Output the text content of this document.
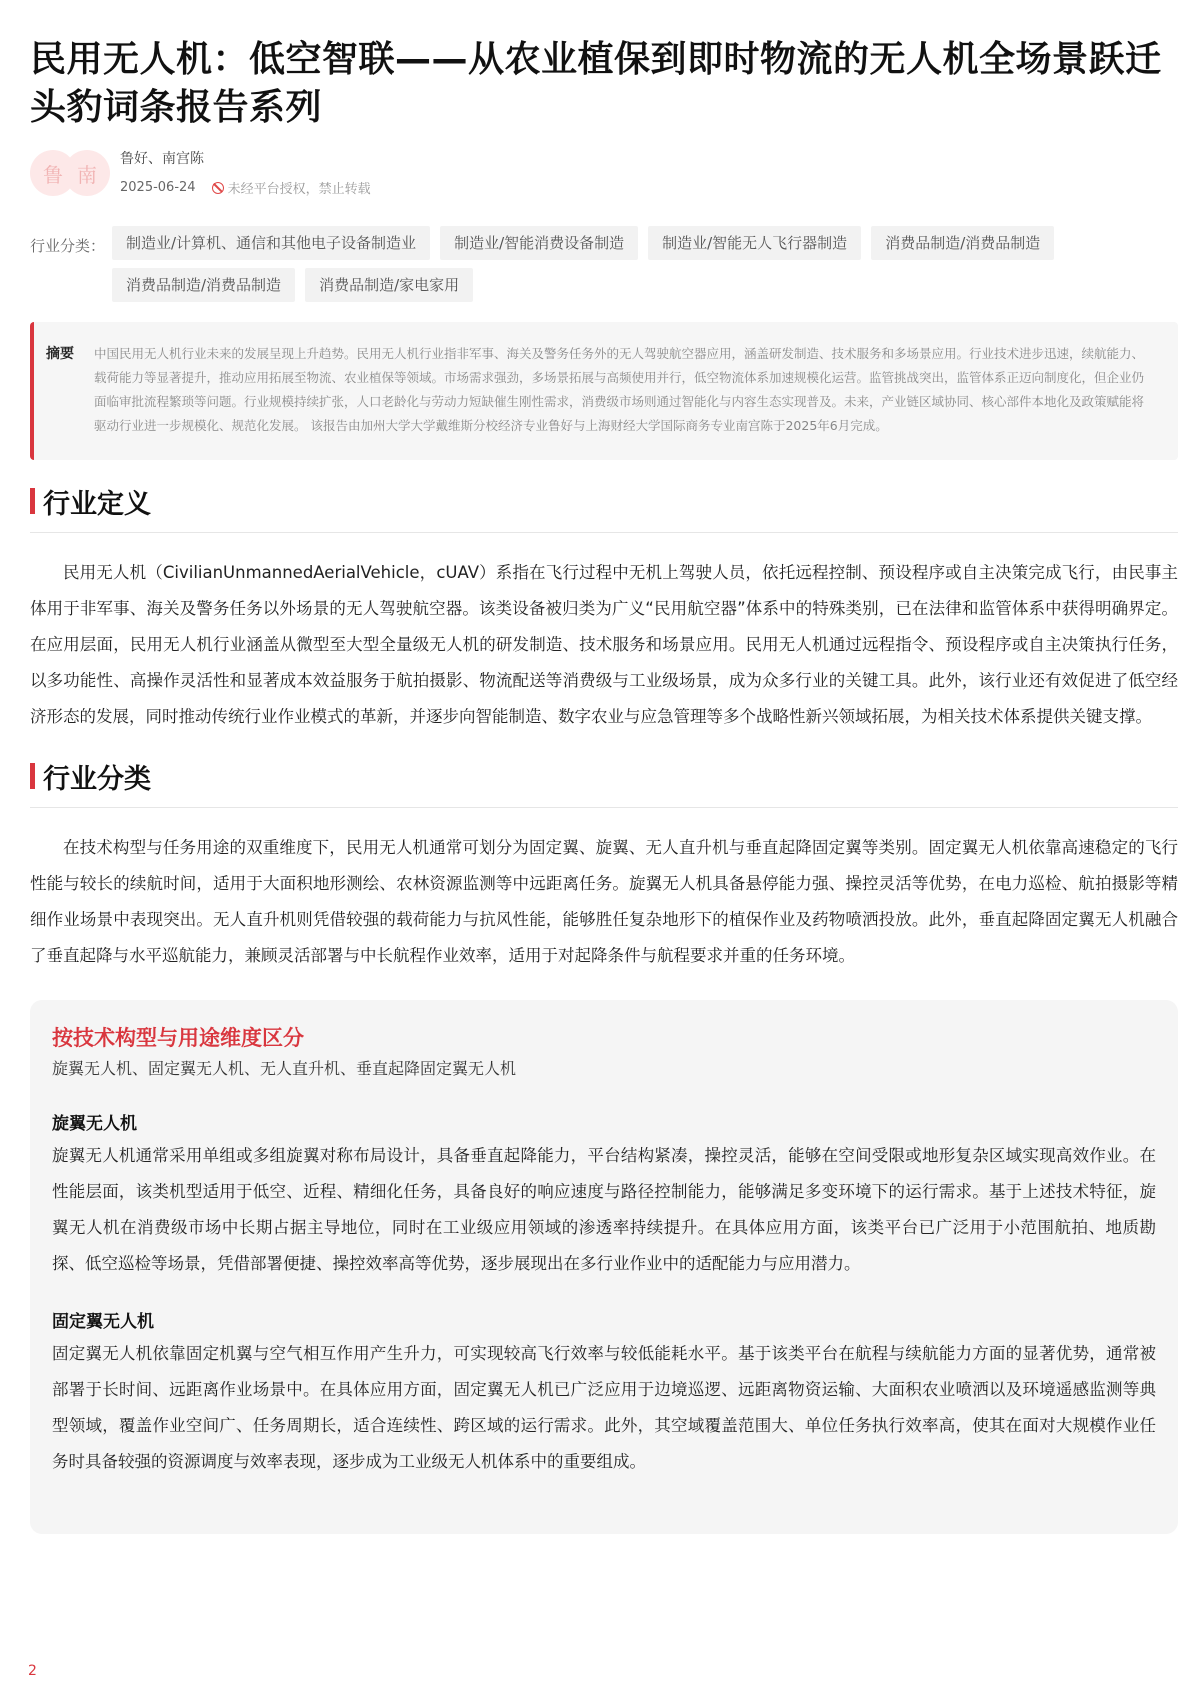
民用无人机：低空智联——从农业植保到即时物流的无人机全场景跃迁 头豹词条报告系列
鲁 南
鲁好、南宫陈
2025-06-24 未经平台授权，禁止转载
行业分类：	制造业/计算机、通信和其他电子设备制造业	制造业/智能消费设备制造	制造业/智能无人飞行器制造	消费品制造/消费品制造
消费品制造/消费品制造	消费品制造/家电家用
摘要	中国民用无人机行业未来的发展呈现上升趋势。民用无人机行业指非军事、海关及警务任务外的无人驾驶航空器应用，涵盖研发制造、技术服务和多场景应用。行业技术进步迅速，续航能力、载荷能力等显著提升，推动应用拓展至物流、农业植保等领域。市场需求强劲，多场景拓展与高频使用并行，低空物流体系加速规模化运营。监管挑战突出，监管体系正迈向制度化，但企业仍面临审批流程繁琐等问题。行业规模持续扩张，人口老龄化与劳动力短缺催生刚性需求，消费级市场则通过智能化与内容生态实现普及。未来，产业链区域协同、核心部件本地化及政策赋能将驱动行业进一步规模化、规范化发展。 该报告由加州大学大学戴维斯分校经济专业鲁好与上海财经大学国际商务专业南宫陈于2025年6月完成。
行业定义

民用无人机（CivilianUnmannedAerialVehicle，cUAV）系指在飞行过程中无机上驾驶人员，依托远程控制、预设程序或自主决策完成飞行，由民事主体用于非军事、海关及警务任务以外场景的无人驾驶航空器。该类设备被归类为广义“民用航空器”体系中的特殊类别，已在法律和监管体系中获得明确界定。在应用层面，民用无人机行业涵盖从微型至大型全量级无人机的研发制造、技术服务和场景应用。民用无人机通过远程指令、预设程序或自主决策执行任务，以多功能性、高操作灵活性和显著成本效益服务于航拍摄影、物流配送等消费级与工业级场景，成为众多行业的关键工具。此外，该行业还有效促进了低空经济形态的发展，同时推动传统行业作业模式的革新，并逐步向智能制造、数字农业与应急管理等多个战略性新兴领域拓展，为相关技术体系提供关键支撑。

行业分类

在技术构型与任务用途的双重维度下，民用无人机通常可划分为固定翼、旋翼、无人直升机与垂直起降固定翼等类别。固定翼无人机依靠高速稳定的飞行性能与较长的续航时间，适用于大面积地形测绘、农林资源监测等中远距离任务。旋翼无人机具备悬停能力强、操控灵活等优势，在电力巡检、航拍摄影等精细作业场景中表现突出。无人直升机则凭借较强的载荷能力与抗风性能，能够胜任复杂地形下的植保作业及药物喷洒投放。此外，垂直起降固定翼无人机融合了垂直起降与水平巡航能力，兼顾灵活部署与中长航程作业效率，适用于对起降条件与航程要求并重的任务环境。

按技术构型与用途维度区分
旋翼无人机、固定翼无人机、无人直升机、垂直起降固定翼无人机
旋翼无人机

旋翼无人机通常采用单组或多组旋翼对称布局设计，具备垂直起降能力，平台结构紧凑，操控灵活，能够在空间受限或地形复杂区域实现高效作业。在性能层面，该类机型适用于低空、近程、精细化任务，具备良好的响应速度与路径控制能力，能够满足多变环境下的运行需求。基于上述技术特征，旋翼无人机在消费级市场中长期占据主导地位，同时在工业级应用领域的渗透率持续提升。在具体应用方面，该类平台已广泛用于小范围航拍、地质勘探、低空巡检等场景，凭借部署便捷、操控效率高等优势，逐步展现出在多行业作业中的适配能力与应用潜力。

固定翼无人机

固定翼无人机依靠固定机翼与空气相互作用产生升力，可实现较高飞行效率与较低能耗水平。基于该类平台在航程与续航能力方面的显著优势，通常被部署于长时间、远距离作业场景中。在具体应用方面，固定翼无人机已广泛应用于边境巡逻、远距离物资运输、大面积农业喷洒以及环境遥感监测等典型领域，覆盖作业空间广、任务周期长，适合连续性、跨区域的运行需求。此外，其空域覆盖范围大、单位任务执行效率高，使其在面对大规模作业任务时具备较强的资源调度与效率表现，逐步成为工业级无人机体系中的重要组成。

2
